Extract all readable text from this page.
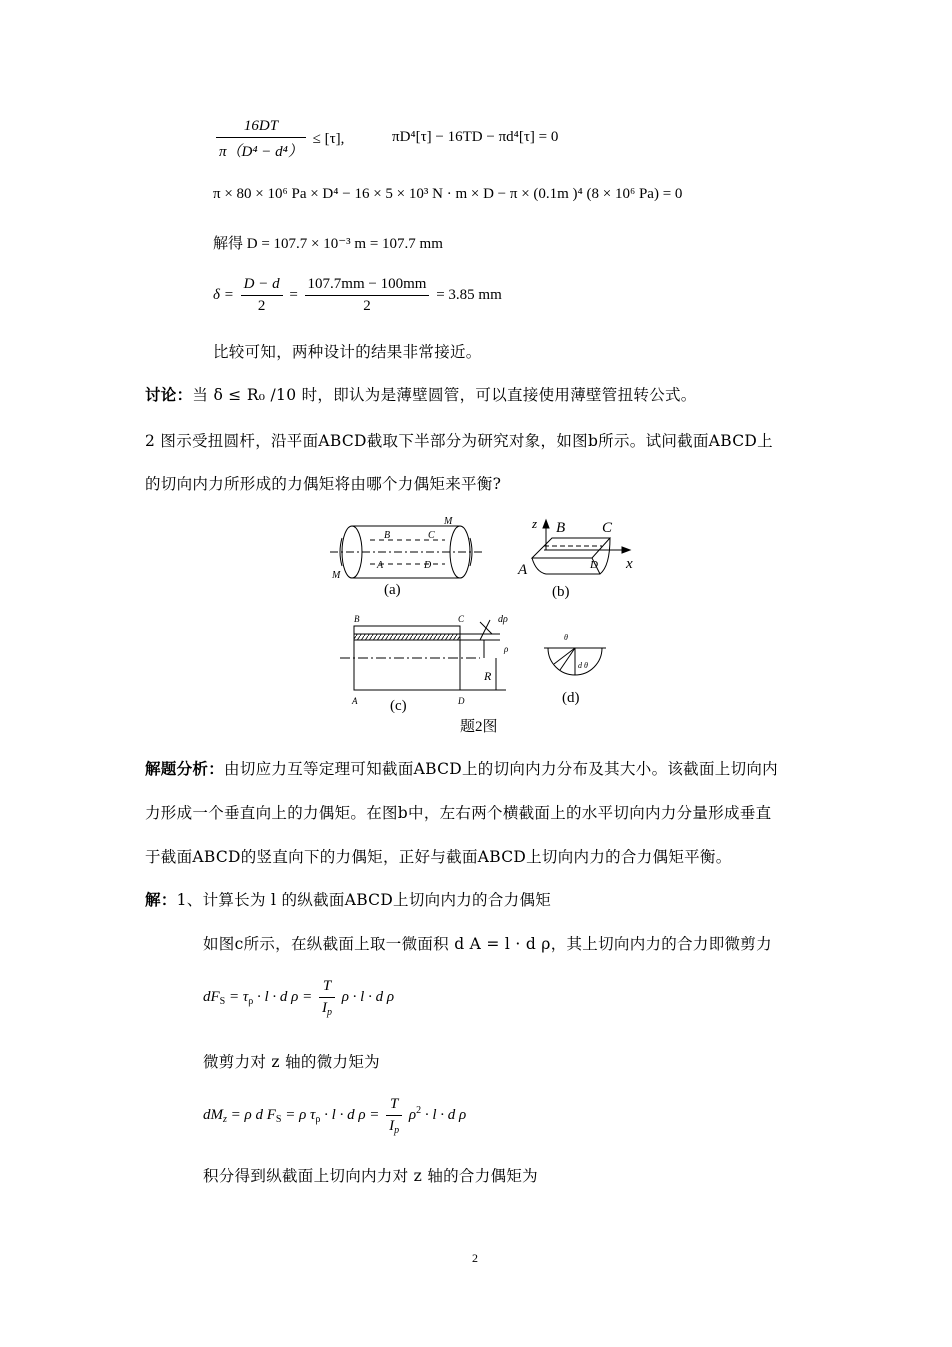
$\frac{16DT}{\text{π（D⁴ − d⁴）}} \le [\tau]$,	πD⁴[τ] − 16TD − πd⁴[τ] = 0
π × 80 × 10⁶ Pa × D⁴ − 16 × 5 × 10³ N · m × D − π × (0.1m )⁴ (8 × 10⁶ Pa) = 0
解得 D = 107.7 × 10⁻³ m = 107.7 mm
$\delta = \frac{D - d}{2} = \frac{107.7mm - 100mm}{2} = 3.85$ mm
比较可知，两种设计的结果非常接近。
讨论：当 δ ≤ R₀ /10 时，即认为是薄壁圆管，可以直接使用薄壁管扭转公式。
2 图示受扭圆杆，沿平面ABCD截取下半部分为研究对象，如图b所示。试问截面ABCD上
的切向内力所形成的力偶矩将由哪个力偶矩来平衡?
B	C
A	D
M
M
(a)
z B C
A	D x
(b)
B	C
A	D
dρ
ρ
R
(c)
θ
d θ
(d)
题2图
解题分析：由切应力互等定理可知截面ABCD上的切向内力分布及其大小。该截面上切向内
力形成一个垂直向上的力偶矩。在图b中，左右两个横截面上的水平切向内力分量形成垂直
于截面ABCD的竖直向下的力偶矩，正好与截面ABCD上切向内力的合力偶矩平衡。
解：1、计算长为 l 的纵截面ABCD上切向内力的合力偶矩
如图c所示，在纵截面上取一微面积 d A = l · d ρ，其上切向内力的合力即微剪力
$dF_S = \tau_\rho \cdot l \cdot d$ $\rho = \frac{T}{I_p}$ ρ · l · d ρ
微剪力对 z 轴的微力矩为
$dM_z = \rho$ d $F_S = \rho$ $\tau_\rho \cdot l \cdot d$ $\rho = \frac{T}{I_p} \rho^2 \cdot l \cdot d$ ρ
积分得到纵截面上切向内力对 z 轴的合力偶矩为
2
